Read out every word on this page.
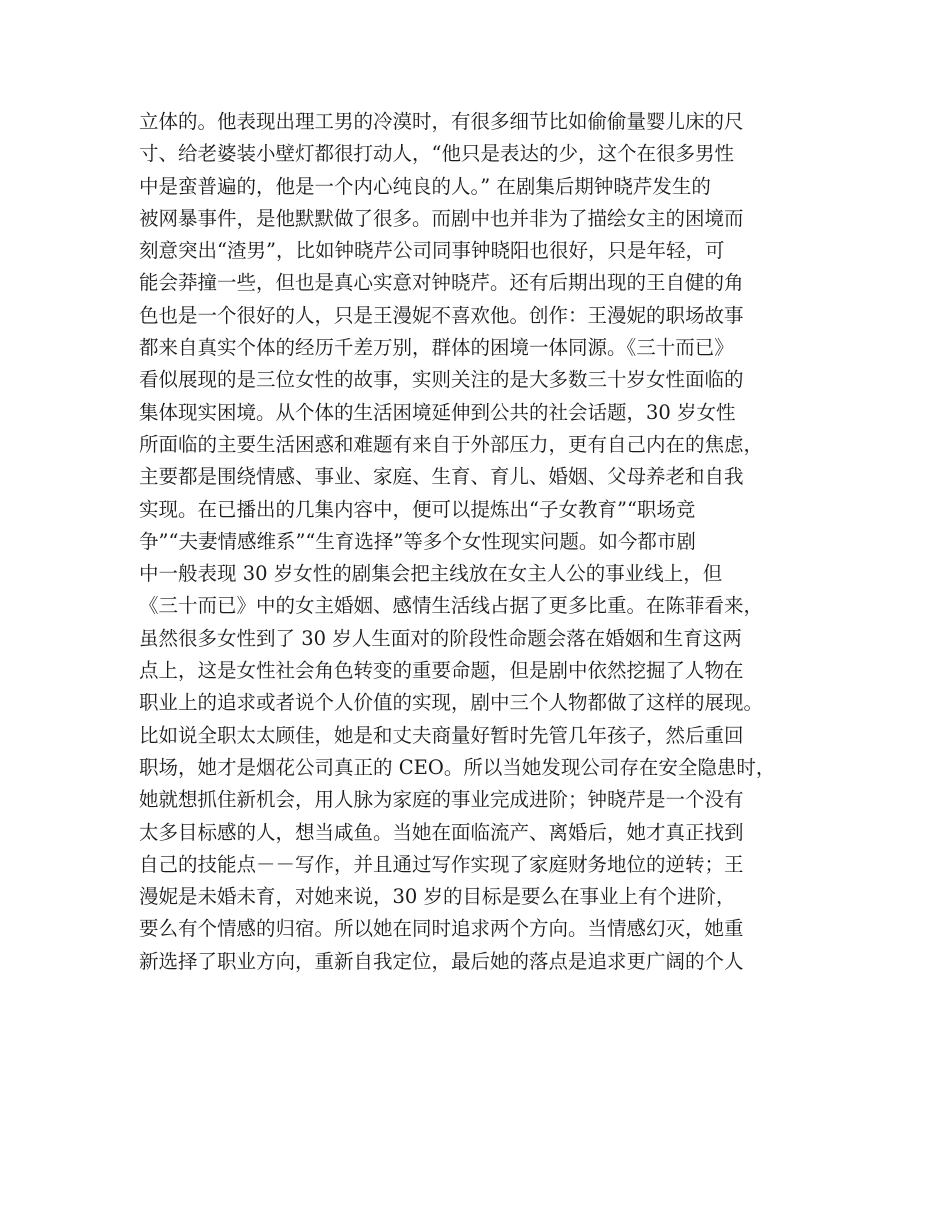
立体的。他表现出理工男的冷漠时，有很多细节比如偷偷量婴儿床的尺
寸、给老婆装小壁灯都很打动人，“他只是表达的少，这个在很多男性
中是蛮普遍的，他是一个内心纯良的人。” 在剧集后期钟晓芹发生的
被网暴事件，是他默默做了很多。而剧中也并非为了描绘女主的困境而
刻意突出“渣男”，比如钟晓芹公司同事钟晓阳也很好，只是年轻，可
能会莽撞一些，但也是真心实意对钟晓芹。还有后期出现的王自健的角
色也是一个很好的人，只是王漫妮不喜欢他。创作：王漫妮的职场故事
都来自真实个体的经历千差万别，群体的困境一体同源。《三十而已》
看似展现的是三位女性的故事，实则关注的是大多数三十岁女性面临的
集体现实困境。从个体的生活困境延伸到公共的社会话题，30 岁女性
所面临的主要生活困惑和难题有来自于外部压力，更有自己内在的焦虑，
主要都是围绕情感、事业、家庭、生育、育儿、婚姻、父母养老和自我
实现。在已播出的几集内容中，便可以提炼出“子女教育”“职场竞
争”“夫妻情感维系”“生育选择”等多个女性现实问题。如今都市剧
中一般表现 30 岁女性的剧集会把主线放在女主人公的事业线上，但
《三十而已》中的女主婚姻、感情生活线占据了更多比重。在陈菲看来，
虽然很多女性到了 30 岁人生面对的阶段性命题会落在婚姻和生育这两
点上，这是女性社会角色转变的重要命题，但是剧中依然挖掘了人物在
职业上的追求或者说个人价值的实现，剧中三个人物都做了这样的展现。
比如说全职太太顾佳，她是和丈夫商量好暂时先管几年孩子，然后重回
职场，她才是烟花公司真正的 CEO。所以当她发现公司存在安全隐患时，
她就想抓住新机会，用人脉为家庭的事业完成进阶；钟晓芹是一个没有
太多目标感的人，想当咸鱼。当她在面临流产、离婚后，她才真正找到
自己的技能点－－写作，并且通过写作实现了家庭财务地位的逆转；王
漫妮是未婚未育，对她来说，30 岁的目标是要么在事业上有个进阶，
要么有个情感的归宿。所以她在同时追求两个方向。当情感幻灭，她重
新选择了职业方向，重新自我定位，最后她的落点是追求更广阔的个人
